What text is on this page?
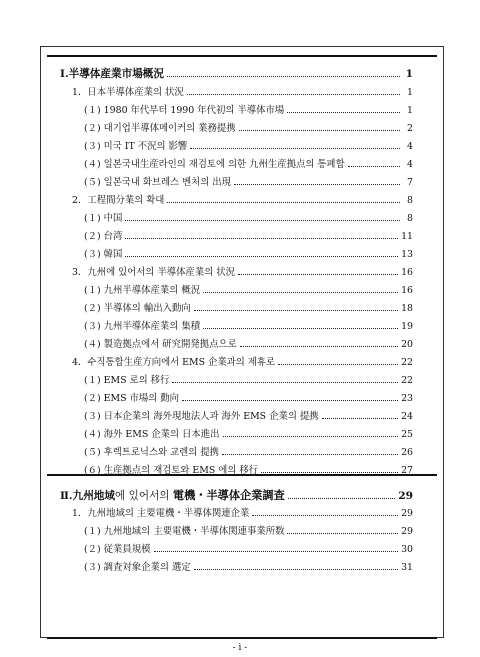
Ⅰ.半導体産業市場概況	1
1．日本半導体産業의 状況	1
(１) 1980 年代부터 1990 年代初의 半導体市場	1
(２) 대기업半導体메이커의 業務提携	2
(３) 미국 IT 不況의 影響	4
(４) 일본국내生産라인의 재검토에 의한 九州生産拠点의 통폐합	4
(５) 일본국내 화브레스 벤처의 出現	7
2．工程間分業의 확대	8
(１) 中国	8
(２) 台湾	11
(３) 韓国	13
3．九州에 있어서의 半導体産業의 状況	16
(１) 九州半導体産業의 概況	16
(２) 半導体의 輸出入動向	18
(３) 九州半導体産業의 集積	19
(４) 製造拠点에서 研究開発拠点으로	20
4．수직통합生産方向에서 EMS 企業과의 제휴로	22
(１) EMS 로의 移行	22
(２) EMS 市場의 動向	23
(３) 日本企業의 海外現地法人과 海外 EMS 企業의 提携	24
(４) 海外 EMS 企業의 日本進出	25
(５) 후렉트로닉스와 교렌의 提携	26
(６) 生産拠点의 재검토와 EMS 에의 移行	27
Ⅱ.九州地域에 있어서의 電機・半導体企業調査	29
1．九州地域의 主要電機・半導体関連企業	29
(１) 九州地域의 主要電機・半導体関連事業所数	29
(２) 従業員規模	30
(３) 調査対象企業의 選定	31
- i -
